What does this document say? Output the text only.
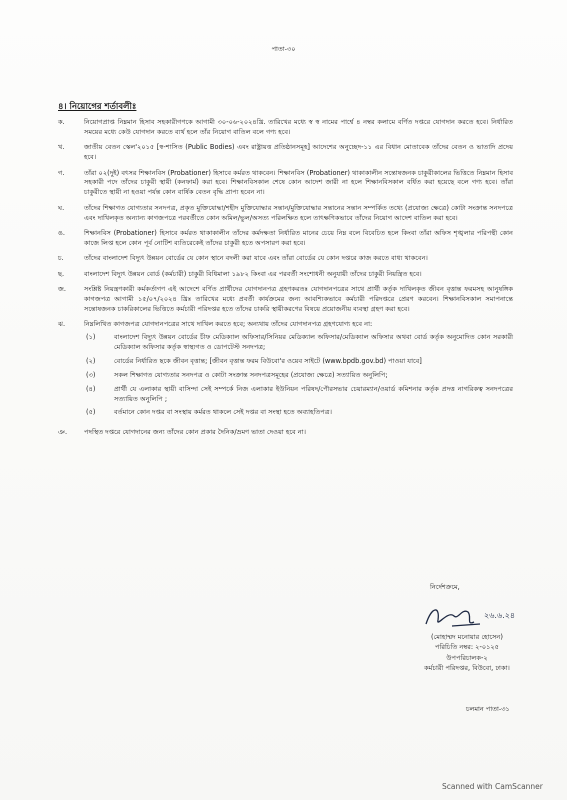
পাতা-৩০
৪। নিয়োগের শর্তাবলীঃ
ক.	নিয়োগপ্রাপ্ত নিম্নমান হিসাব সহকারীগণকে আগামী ৩০-০৬-২০২৪খ্রি. তারিখের মধ্যে স্ব স্ব নামের পার্শ্বে ৪ নম্বর কলামে বর্ণিত দপ্তরে যোগদান করতে হবে। নির্ধারিত সময়ের মধ্যে কেউ যোগদান করতে ব্যর্থ হলে তাঁর নিয়োগ বাতিল বলে গণ্য হবে।
খ.	জাতীয় বেতন স্কেল'২০১৫ [স্ব-শাসিত (Public Bodies) এবং রাষ্ট্রায়ত্ত প্রতিষ্ঠানসমূহ] আদেশের অনুচ্ছেদ-১১ এর বিধান মোতাবেক তাঁদের বেতন ও ভাতাদি প্রদেয় হবে।
গ.	তাঁরা ০২(দুই) বৎসর শিক্ষানবিস (Probationer) হিসাবে কর্মরত থাকবেন। শিক্ষানবিস (Probationer) থাকাকালীন সন্তোষজনক চাকুরীকালের ভিত্তিতে নিম্নমান হিসাব সহকারী পদে তাঁদের চাকুরী স্থায়ী (কনফার্ম) করা হবে। শিক্ষানবিসকাল শেষে কোন আদেশ জারী না হলে শিক্ষানবিসকাল বর্ধিত করা হয়েছে বলে গণ্য হবে। তাঁরা চাকুরীতে স্থায়ী না হওয়া পর্যন্ত কোন বার্ষিক বেতন বৃদ্ধি প্রাপ্য হবেন না।
ঘ.	তাঁদের শিক্ষাগত যোগ্যতার সনদপত্র, প্রকৃত মুক্তিযোদ্ধা/শহীদ মুক্তিযোদ্ধার সন্তান/মুক্তিযোদ্ধার সন্তানের সন্তান সম্পর্কিত তথ্যে (প্রযোজ্য ক্ষেত্রে) কোটা সংক্রান্ত সনদপত্রে এবং দাখিলকৃত অন্যান্য কাগজপত্রে পরবর্তীতে কোন অমিল/ভুল/অসত্য পরিলক্ষিত হলে তাৎক্ষণিকভাবে তাঁদের নিয়োগ আদেশ বাতিল করা হবে।
ঙ.	শিক্ষানবিস (Probationer) হিসাবে কর্মরত থাকাকালীন তাঁদের কর্মদক্ষতা নির্ধারিত মানের চেয়ে নিম্ন বলে বিবেচিত হলে কিংবা তাঁরা অফিস শৃঙ্খলার পরিপন্থী কোন কাজে লিপ্ত হলে কোন পূর্ব নোটিশ ব্যতিরেকেই তাঁদের চাকুরী হতে অপসারণ করা হবে।
চ.	তাঁদের বাংলাদেশ বিদ্যুৎ উন্নয়ন বোর্ডের যে কোন স্থানে বদলী করা যাবে এবং তাঁরা বোর্ডের যে কোন দপ্তরে কাজ করতে বাধ্য থাকবেন।
ছ.	বাংলাদেশ বিদ্যুৎ উন্নয়ন বোর্ড (কর্মচারী) চাকুরী বিধিমালা ১৯৮২ কিংবা এর পরবর্তী সংশোধনী অনুযায়ী তাঁদের চাকুরী নিয়ন্ত্রিত হবে।
জ.	সংশ্লিষ্ট নিয়ন্ত্রণকারী কর্মকর্তাগণ এই আদেশে বর্ণিত প্রার্থীদের যোগদানপত্র গ্রহণকরতঃ যোগদানপত্রের সাথে প্রার্থী কর্তৃক দাখিলকৃত জীবন বৃত্তান্ত ফরমসহ আনুষঙ্গিক কাগজপত্র আগামী ১৫/০৭/২০২৪ খ্রিঃ তারিখের মধ্যে প্রবর্তী কার্যক্রমের জন্য আবশ্যিকভাবে কর্মচারী পরিদপ্তরে প্রেরণ করবেন। শিক্ষানবিসকাল সমাপনান্তে সন্তোষজনক চাকরিকালের ভিত্তিতে কর্মচারী পরিদপ্তর হতে তাঁদের চাকরি স্থায়ীকরণের বিষয়ে প্রয়োজনীয় ব্যবস্থা গ্রহণ করা হবে।
ঝ.	নিম্নলিখিত কাগজপত্র যোগদানপত্রের সাথে দাখিল করতে হবে; অন্যথায় তাঁদের যোগদানপত্র গ্রহণযোগ্য হবে না:
(১)	বাংলাদেশ বিদ্যুৎ উন্নয়ন বোর্ডের চীফ মেডিক্যাল অফিসার/সিনিয়র মেডিক্যাল অফিসার/মেডিক্যাল অফিসার অথবা বোর্ড কর্তৃক অনুমোদিত কোন সরকারী মেডিক্যাল অফিসার কর্তৃক স্বাস্থ্যগত ও ডোপটেস্ট সনদপত্র;
(২)	বোর্ডের নির্ধারিত ছকে জীবন বৃত্তান্ত; [জীবন বৃত্তান্ত ফরম বিউবো'র ওয়েব সাইটে (www.bpdb.gov.bd) পাওয়া যাবে]
(৩)	সকল শিক্ষাগত যোগ্যতার সনদপত্র ও কোটা সংক্রান্ত সনদপত্রসমূহের (প্রযোজ্য ক্ষেত্রে) সত্যায়িত অনুলিপি;
(৪)	প্রার্থী যে এলাকার স্থায়ী বাসিন্দা সেই সম্পর্কে নিজ এলাকার ইউনিয়ন পরিষদ/পৌরসভার চেয়ারম্যান/ওয়ার্ড কমিশনার কর্তৃক প্রদত্ত নাগরিকত্ব সনদপত্রের সত্যায়িত অনুলিপি ;
(৫)	বর্তমানে কোন দপ্তর বা সংস্থায় কর্মরত থাকলে সেই দপ্তর বা সংস্থা হতে অব্যাহতিপত্র।
ঞ.	পদস্থিত দপ্তরে যোগদানের জন্য তাঁদের কোন প্রকার দৈনিক/ভ্রমণ ভাতা দেওয়া হবে না।
নির্দেশক্রমে,
২৬.৬.২৪
(মোহাম্মদ মনোয়ার হোসেন)
পরিচিতি নম্বর: ২-০১২৫
উপপরিচালক-২
কর্মচারী পরিদপ্তর, বিউবো, ঢাকা।
চলমান পাতা-৩১
Scanned with CamScanner
